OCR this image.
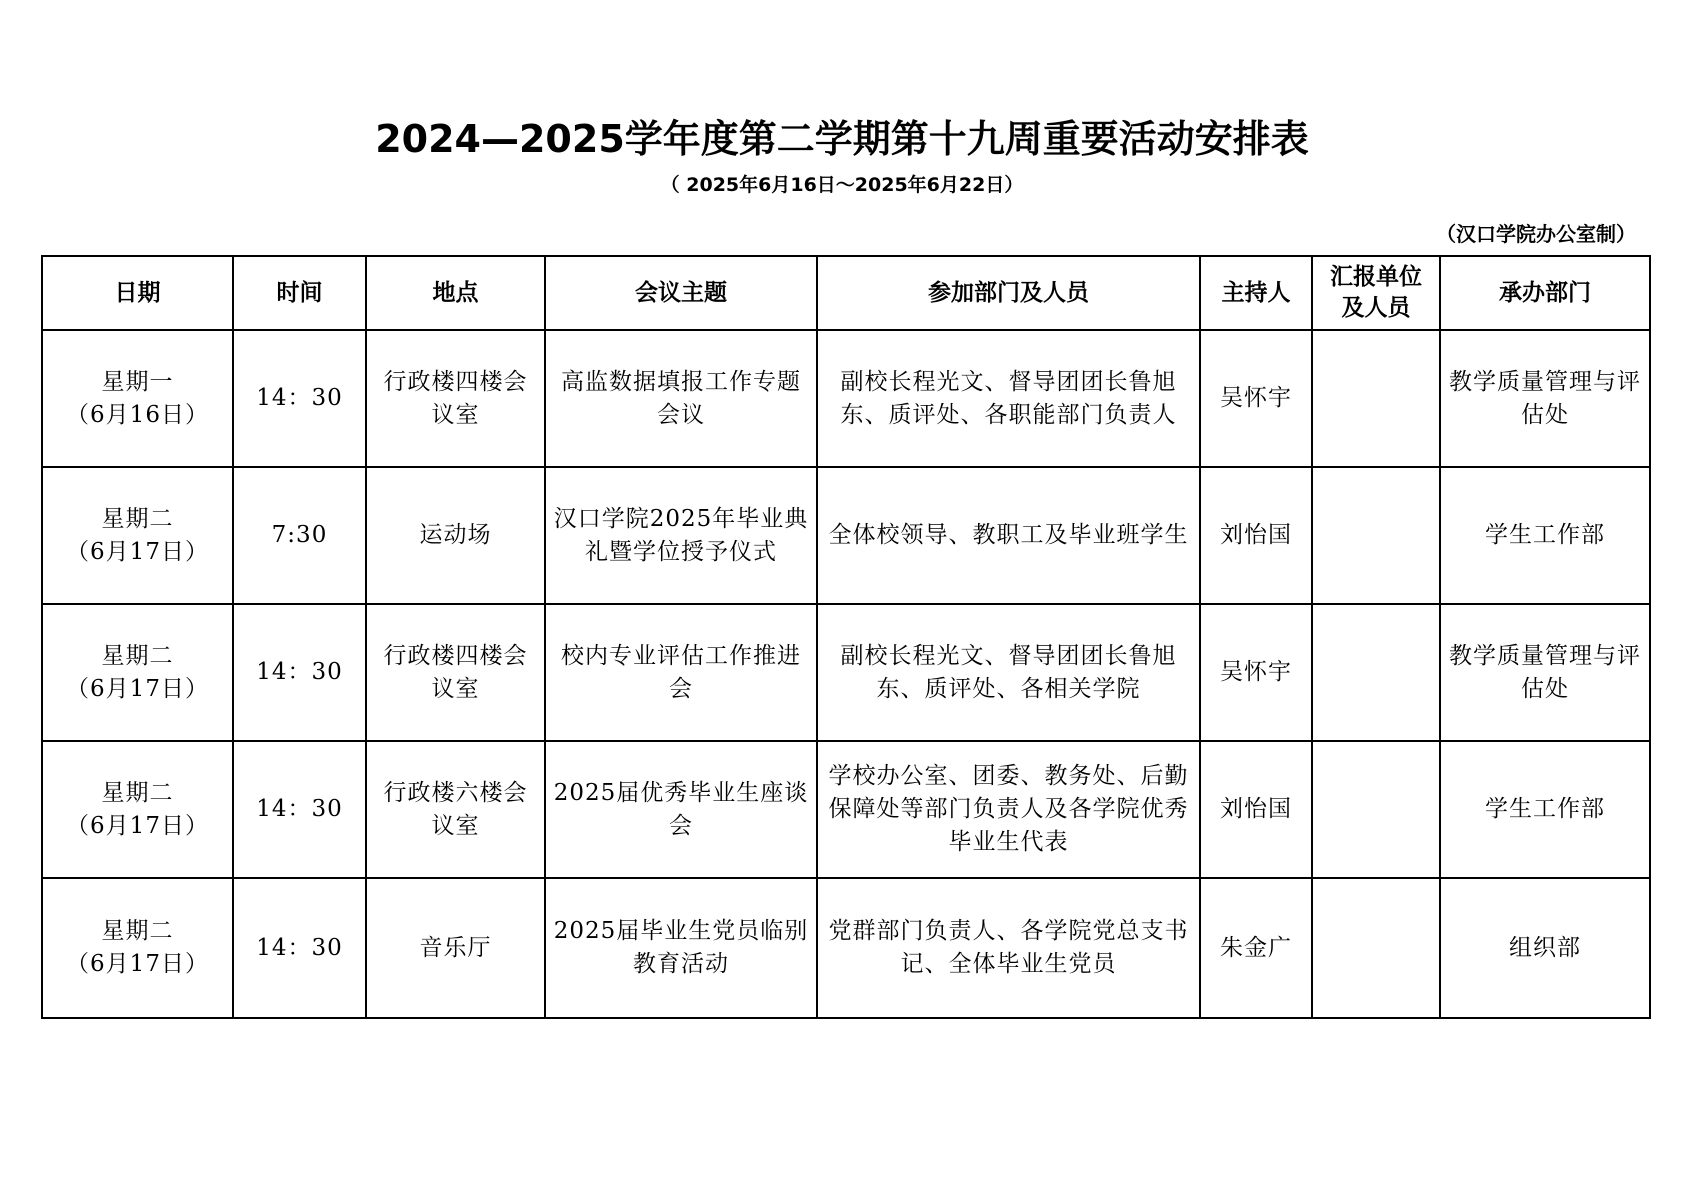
2024—2025学年度第二学期第十九周重要活动安排表
（ 2025年6月16日～2025年6月22日）
（汉口学院办公室制）
日期	时间	地点	会议主题	参加部门及人员	主持人	汇报单位
及人员	承办部门

星期一
（6月16日）	14：30	行政楼四楼会议室	高监数据填报工作专题会议	副校长程光文、督导团团长鲁旭东、质评处、各职能部门负责人	吴怀宇		教学质量管理与评估处

星期二
（6月17日）	7:30	运动场	汉口学院2025年毕业典礼暨学位授予仪式	全体校领导、教职工及毕业班学生	刘怡国		学生工作部

星期二
（6月17日）	14：30	行政楼四楼会议室	校内专业评估工作推进会	副校长程光文、督导团团长鲁旭东、质评处、各相关学院	吴怀宇		教学质量管理与评估处

星期二
（6月17日）	14：30	行政楼六楼会议室	2025届优秀毕业生座谈会	学校办公室、团委、教务处、后勤保障处等部门负责人及各学院优秀毕业生代表	刘怡国		学生工作部

星期二
（6月17日）	14：30	音乐厅	2025届毕业生党员临别教育活动	党群部门负责人、各学院党总支书记、全体毕业生党员	朱金广		组织部
